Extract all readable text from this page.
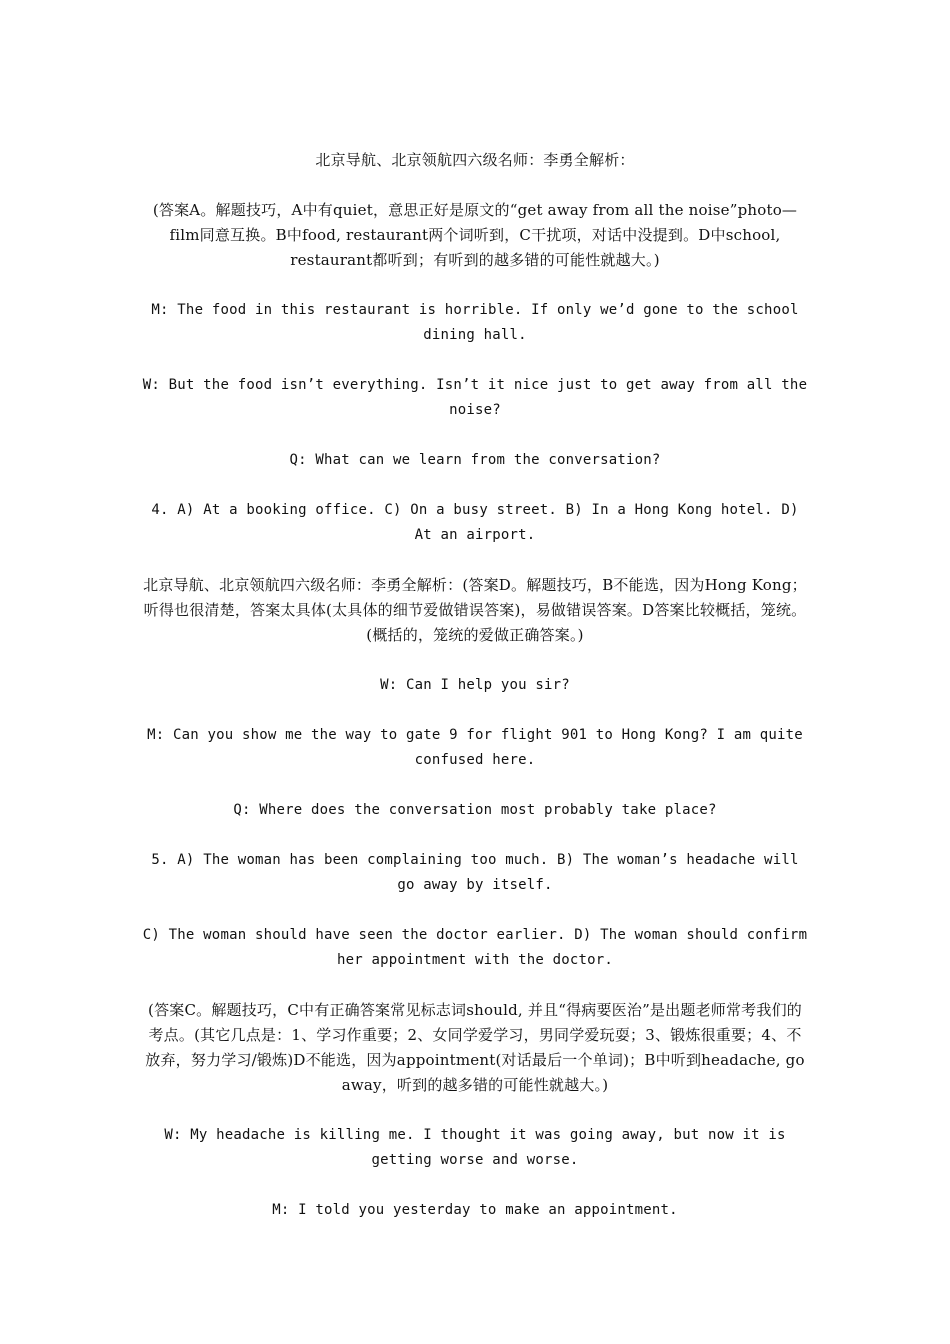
北京导航、北京领航四六级名师：李勇全解析：

(答案A。解题技巧，A中有quiet，意思正好是原文的“get away from all the noise”photo—film同意互换。B中food, restaurant两个词听到，C干扰项，对话中没提到。D中school, restaurant都听到；有听到的越多错的可能性就越大。)

M: The food in this restaurant is horrible. If only we’d gone to the school dining hall.

W: But the food isn’t everything. Isn’t it nice just to get away from all the noise?

Q: What can we learn from the conversation?

4. A) At a booking office. C) On a busy street. B) In a Hong Kong hotel. D) At an airport.

北京导航、北京领航四六级名师：李勇全解析：(答案D。解题技巧，B不能选，因为Hong Kong；听得也很清楚，答案太具体(太具体的细节爱做错误答案)，易做错误答案。D答案比较概括，笼统。(概括的，笼统的爱做正确答案。)

W: Can I help you sir?

M: Can you show me the way to gate 9 for flight 901 to Hong Kong? I am quite confused here.

Q: Where does the conversation most probably take place?

5. A) The woman has been complaining too much. B) The woman’s headache will go away by itself.

C) The woman should have seen the doctor earlier. D) The woman should confirm her appointment with the doctor.

(答案C。解题技巧，C中有正确答案常见标志词should, 并且“得病要医治”是出题老师常考我们的考点。(其它几点是：1、学习作重要；2、女同学爱学习，男同学爱玩耍；3、锻炼很重要；4、不放弃，努力学习/锻炼)D不能选，因为appointment(对话最后一个单词)；B中听到headache, go away，听到的越多错的可能性就越大。)

W: My headache is killing me. I thought it was going away, but now it is getting worse and worse.

M: I told you yesterday to make an appointment.
